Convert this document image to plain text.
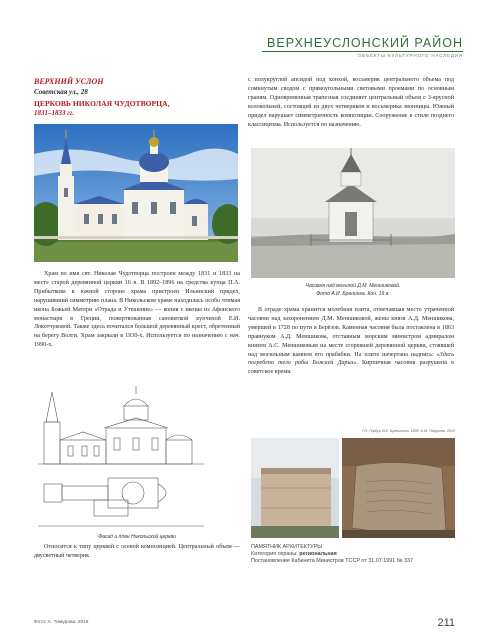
ВЕРХНЕУСЛОНСКИЙ РАЙОН
ОБЪЕКТЫ КУЛЬТУРНОГО НАСЛЕДИЯ
ВЕРХНИЙ УСЛОН
Советская ул., 28
ЦЕРКОВЬ НИКОЛАЯ ЧУДОТВОРЦА,
1831–1833 гг.
с полукруглой апсидой под конхой, восьмерик центрального объема под сомкнутым сводом с прямоугольными световыми проемами по основным граням. Одновременная трапезная соединяет центральный объем с 3-ярусной колокольней, состоящей из двух четвериков и восьмерика звонницы. Южный придел нарушает симметричность композиции. Сооружение в стиле позднего классицизма. Используется по назначению.
Часовня над могилой Д.М. Меншиковой.
Фото А.И. Бренинга. Кон. 19 в.
Храм во имя свт. Николая Чудотворца построен между 1831 и 1833 на месте старой деревянной церкви 16 в. В 1892–1896 на средства купца П.А. Прибыткова в южной стороне храма пристроен Ильинский придел, нарушивший симметрию плана. В Никольском храме находилась особо чтимая икона Божьей Матери «Отрада и Утешение» — копия с иконы из Афонского монастыря в Греции, пожертвованная сановиткой купчихой Е.И. Локотчуковой. Также здесь почитался большой деревянный крест, обретенный на берегу Волги. Храм закрыли в 1930-х. Используется по назначению с нач. 1990-х.
В ограде храма хранится молебная плита, отмечавшая место утраченной часовни над захоронением Д.М. Меншиковой, жены князя А.Д. Меншикова, умершей в 1728 по пути в Берёзов. Каменная часовня была поставлена в 1863 правнуком А.Д. Меншикова, отставным морским министром адмиралом князем А.С. Меншиковым на месте сгоревшей деревянной церкви, стоявшей над могильным камнем его прабабки. На плите начертана надпись: «Здесь погребено тело рабы Божией Дарьи». Кирпичная часовня разрушена в советское время.
Г.Н. Горбуз, В.Е. Бренингом, 1895; А.М. Тимурова, 2015
Фасад и план Никольской церкви
Относится к типу церквей с осевой композицией. Центральный объем — двусветный четверик
ПАМЯТНИК АРХИТЕКТУРЫ
Категория охраны: региональная
Постановление Кабинета Министров ТССР от 31.07.1991 № 337
Фото: А. Тимурова, 2015	211
